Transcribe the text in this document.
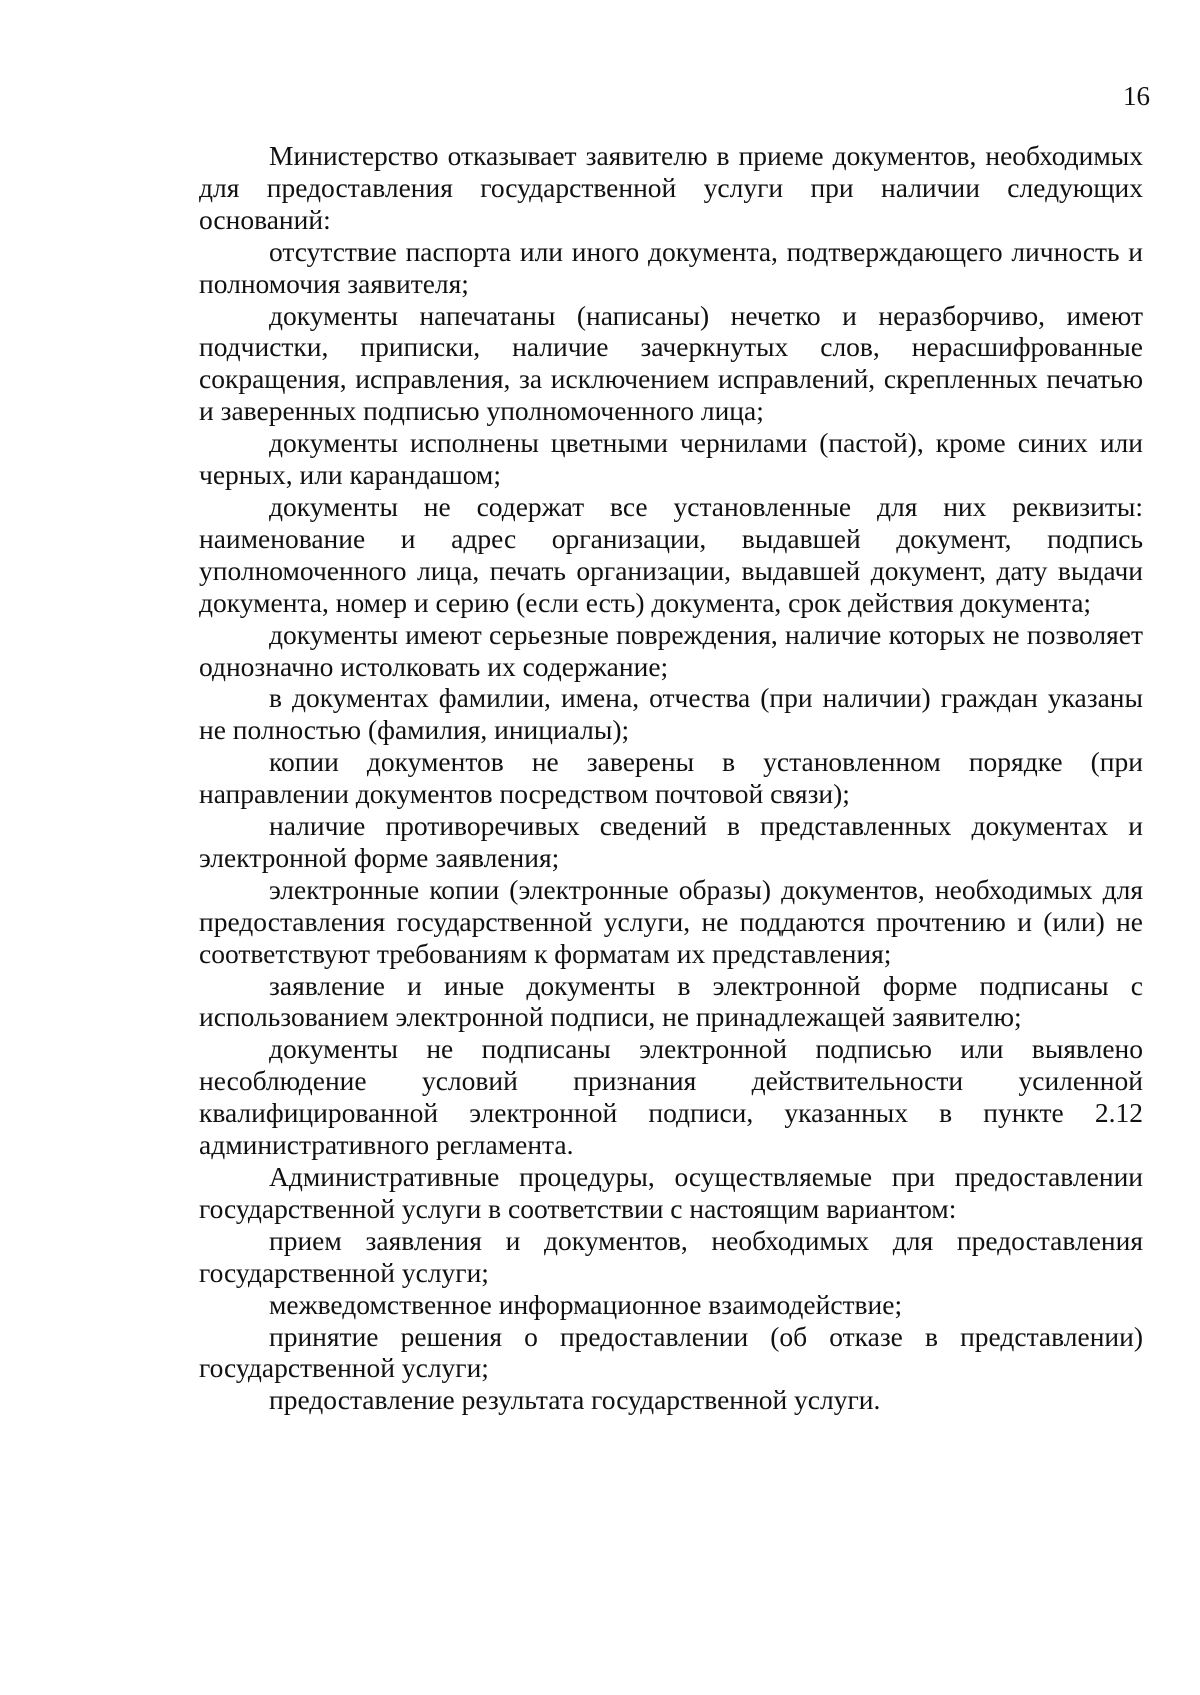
16

Министерство отказывает заявителю в приеме документов, необходимых для предоставления государственной услуги при наличии следующих оснований:

отсутствие паспорта или иного документа, подтверждающего личность и полномочия заявителя;

документы напечатаны (написаны) нечетко и неразборчиво, имеют подчистки, приписки, наличие зачеркнутых слов, нерасшифрованные сокращения, исправления, за исключением исправлений, скрепленных печатью и заверенных подписью уполномоченного лица;

документы исполнены цветными чернилами (пастой), кроме синих или черных, или карандашом;

документы не содержат все установленные для них реквизиты: наименование и адрес организации, выдавшей документ, подпись уполномоченного лица, печать организации, выдавшей документ, дату выдачи документа, номер и серию (если есть) документа, срок действия документа;

документы имеют серьезные повреждения, наличие которых не позволяет однозначно истолковать их содержание;

в документах фамилии, имена, отчества (при наличии) граждан указаны не полностью (фамилия, инициалы);

копии документов не заверены в установленном порядке (при направлении документов посредством почтовой связи);

наличие противоречивых сведений в представленных документах и электронной форме заявления;

электронные копии (электронные образы) документов, необходимых для предоставления государственной услуги, не поддаются прочтению и (или) не соответствуют требованиям к форматам их представления;

заявление и иные документы в электронной форме подписаны с использованием электронной подписи, не принадлежащей заявителю;

документы не подписаны электронной подписью или выявлено несоблюдение условий признания действительности усиленной квалифицированной электронной подписи, указанных в пункте 2.12 административного регламента.

Административные процедуры, осуществляемые при предоставлении государственной услуги в соответствии с настоящим вариантом:

прием заявления и документов, необходимых для предоставления государственной услуги;

межведомственное информационное взаимодействие;

принятие решения о предоставлении (об отказе в представлении) государственной услуги;

предоставление результата государственной услуги.
